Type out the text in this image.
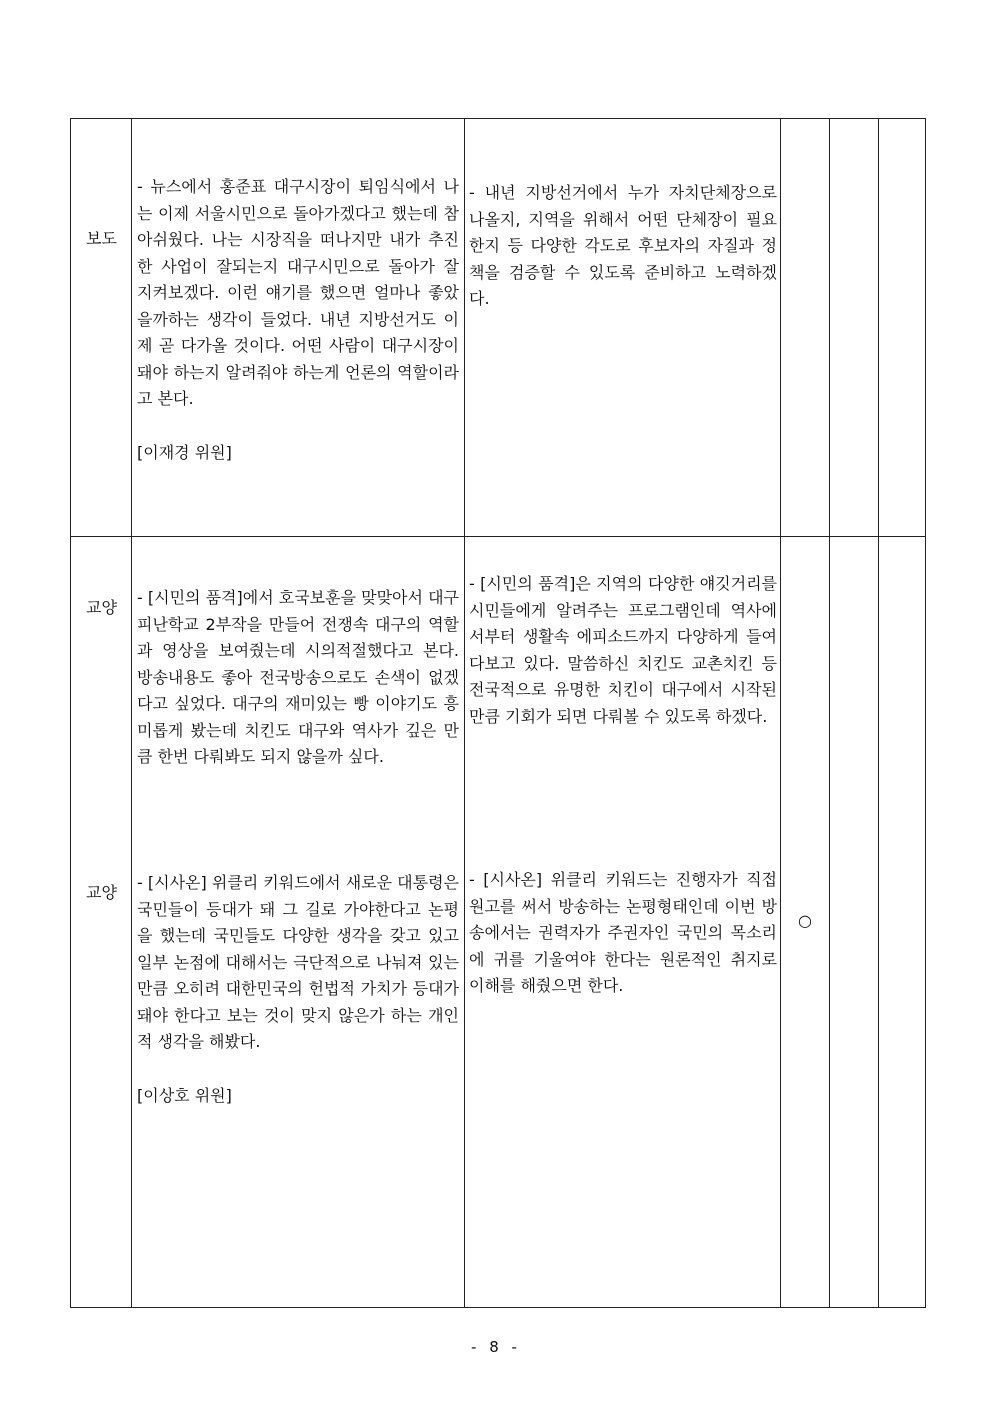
보도

- 뉴스에서 홍준표 대구시장이 퇴임식에서 나는 이제 서울시민으로 돌아가겠다고 했는데 참 아쉬웠다. 나는 시장직을 떠나지만 내가 추진한 사업이 잘되는지 대구시민으로 돌아가 잘 지켜보겠다. 이런 얘기를 했으면 얼마나 좋았을까하는 생각이 들었다. 내년 지방선거도 이제 곧 다가올 것이다. 어떤 사람이 대구시장이 돼야 하는지 알려줘야 하는게 언론의 역할이라고 본다.

[이재경 위원]

- 내년 지방선거에서 누가 자치단체장으로 나올지, 지역을 위해서 어떤 단체장이 필요한지 등 다양한 각도로 후보자의 자질과 정책을 검증할 수 있도록 준비하고 노력하겠다.

교양

- [시민의 품격]에서 호국보훈을 맞맞아서 대구피난학교 2부작을 만들어 전쟁속 대구의 역할과 영상을 보여줬는데 시의적절했다고 본다. 방송내용도 좋아 전국방송으로도 손색이 없겠다고 싶었다. 대구의 재미있는 빵 이야기도 흥미롭게 봤는데 치킨도 대구와 역사가 깊은 만큼 한번 다뤄봐도 되지 않을까 싶다.

- [시민의 품격]은 지역의 다양한 얘깃거리를 시민들에게 알려주는 프로그램인데 역사에서부터 생활속 에피소드까지 다양하게 들여다보고 있다. 말씀하신 치킨도 교촌치킨 등 전국적으로 유명한 치킨이 대구에서 시작된 만큼 기회가 되면 다뤄볼 수 있도록 하겠다.

교양

- [시사온] 위클리 키워드에서 새로운 대통령은 국민들이 등대가 돼 그 길로 가야한다고 논평을 했는데 국민들도 다양한 생각을 갖고 있고 일부 논점에 대해서는 극단적으로 나눠져 있는 만큼 오히려 대한민국의 헌법적 가치가 등대가 돼야 한다고 보는 것이 맞지 않은가 하는 개인적 생각을 해봤다.

[이상호 위원]

- [시사온] 위클리 키워드는 진행자가 직접 원고를 써서 방송하는 논평형태인데 이번 방송에서는 권력자가 주권자인 국민의 목소리에 귀를 기울여야 한다는 원론적인 취지로 이해를 해줬으면 한다.

○
- 8 -
